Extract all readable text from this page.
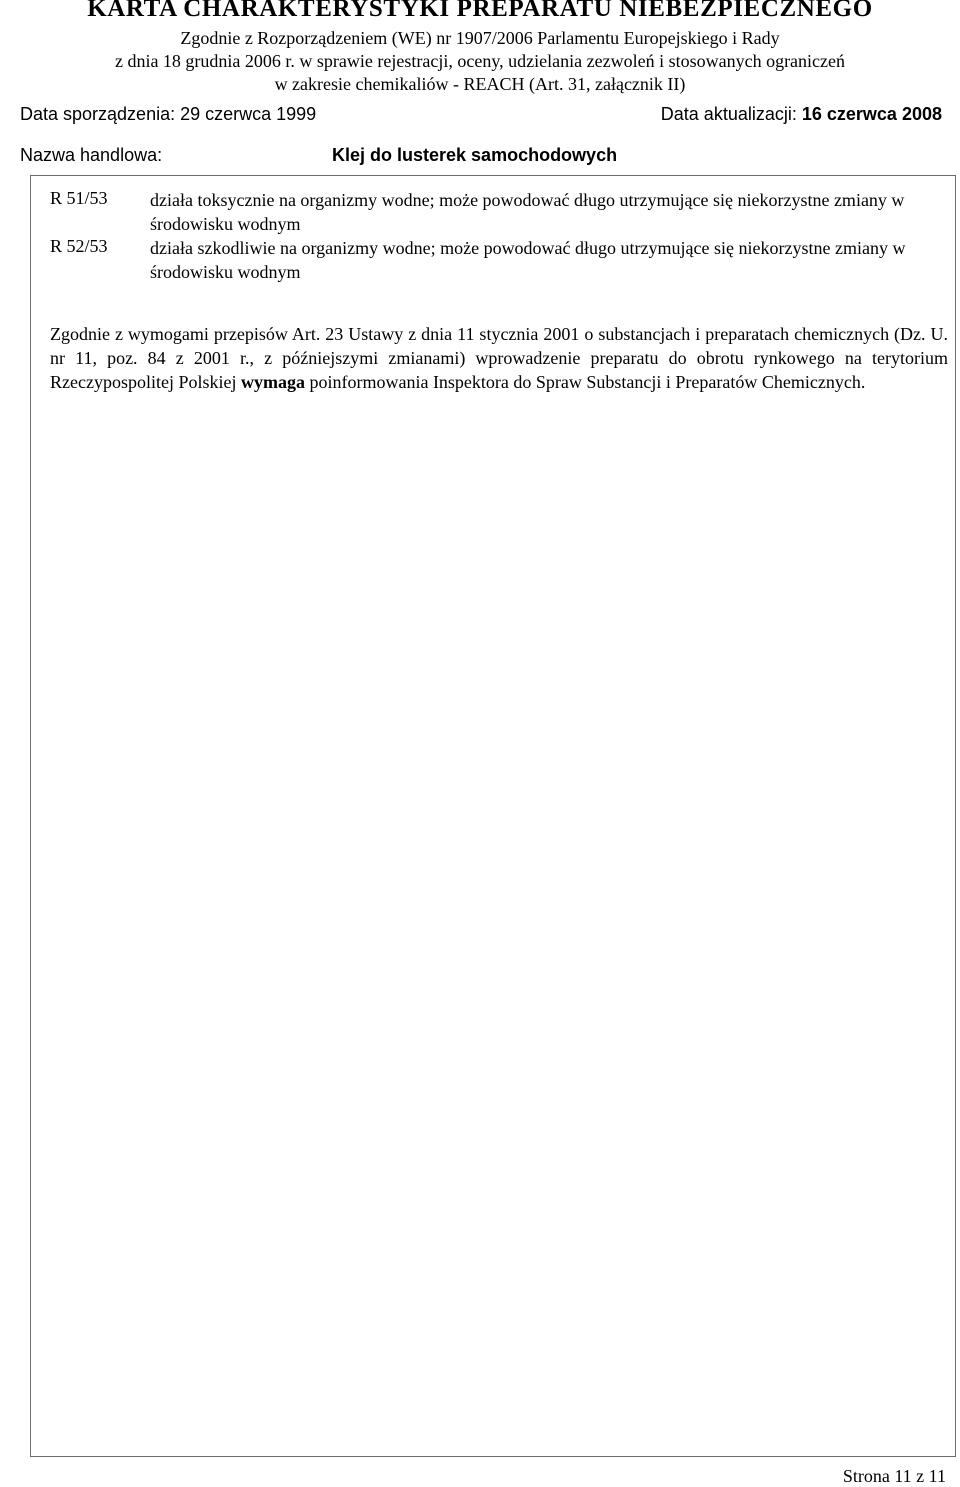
KARTA CHARAKTERYSTYKI PREPARATU NIEBEZPIECZNEGO
Zgodnie z Rozporządzeniem (WE) nr 1907/2006 Parlamentu Europejskiego i Rady
z dnia 18 grudnia 2006 r. w sprawie rejestracji, oceny, udzielania zezwoleń i stosowanych ograniczeń
w zakresie chemikaliów - REACH (Art. 31, załącznik II)
Data sporządzenia: 29 czerwca 1999	Data aktualizacji: 16 czerwca 2008
Nazwa handlowa:	Klej do lusterek samochodowych
R 51/53 działa toksycznie na organizmy wodne; może powodować długo utrzymujące się niekorzystne zmiany w środowisku wodnym
R 52/53 działa szkodliwie na organizmy wodne; może powodować długo utrzymujące się niekorzystne zmiany w środowisku wodnym
Zgodnie z wymogami przepisów Art. 23 Ustawy z dnia 11 stycznia 2001 o substancjach i preparatach chemicznych (Dz. U. nr 11, poz. 84 z 2001 r., z późniejszymi zmianami) wprowadzenie preparatu do obrotu rynkowego na terytorium Rzeczypospolitej Polskiej wymaga poinformowania Inspektora do Spraw Substancji i Preparatów Chemicznych.
Strona 11 z 11
